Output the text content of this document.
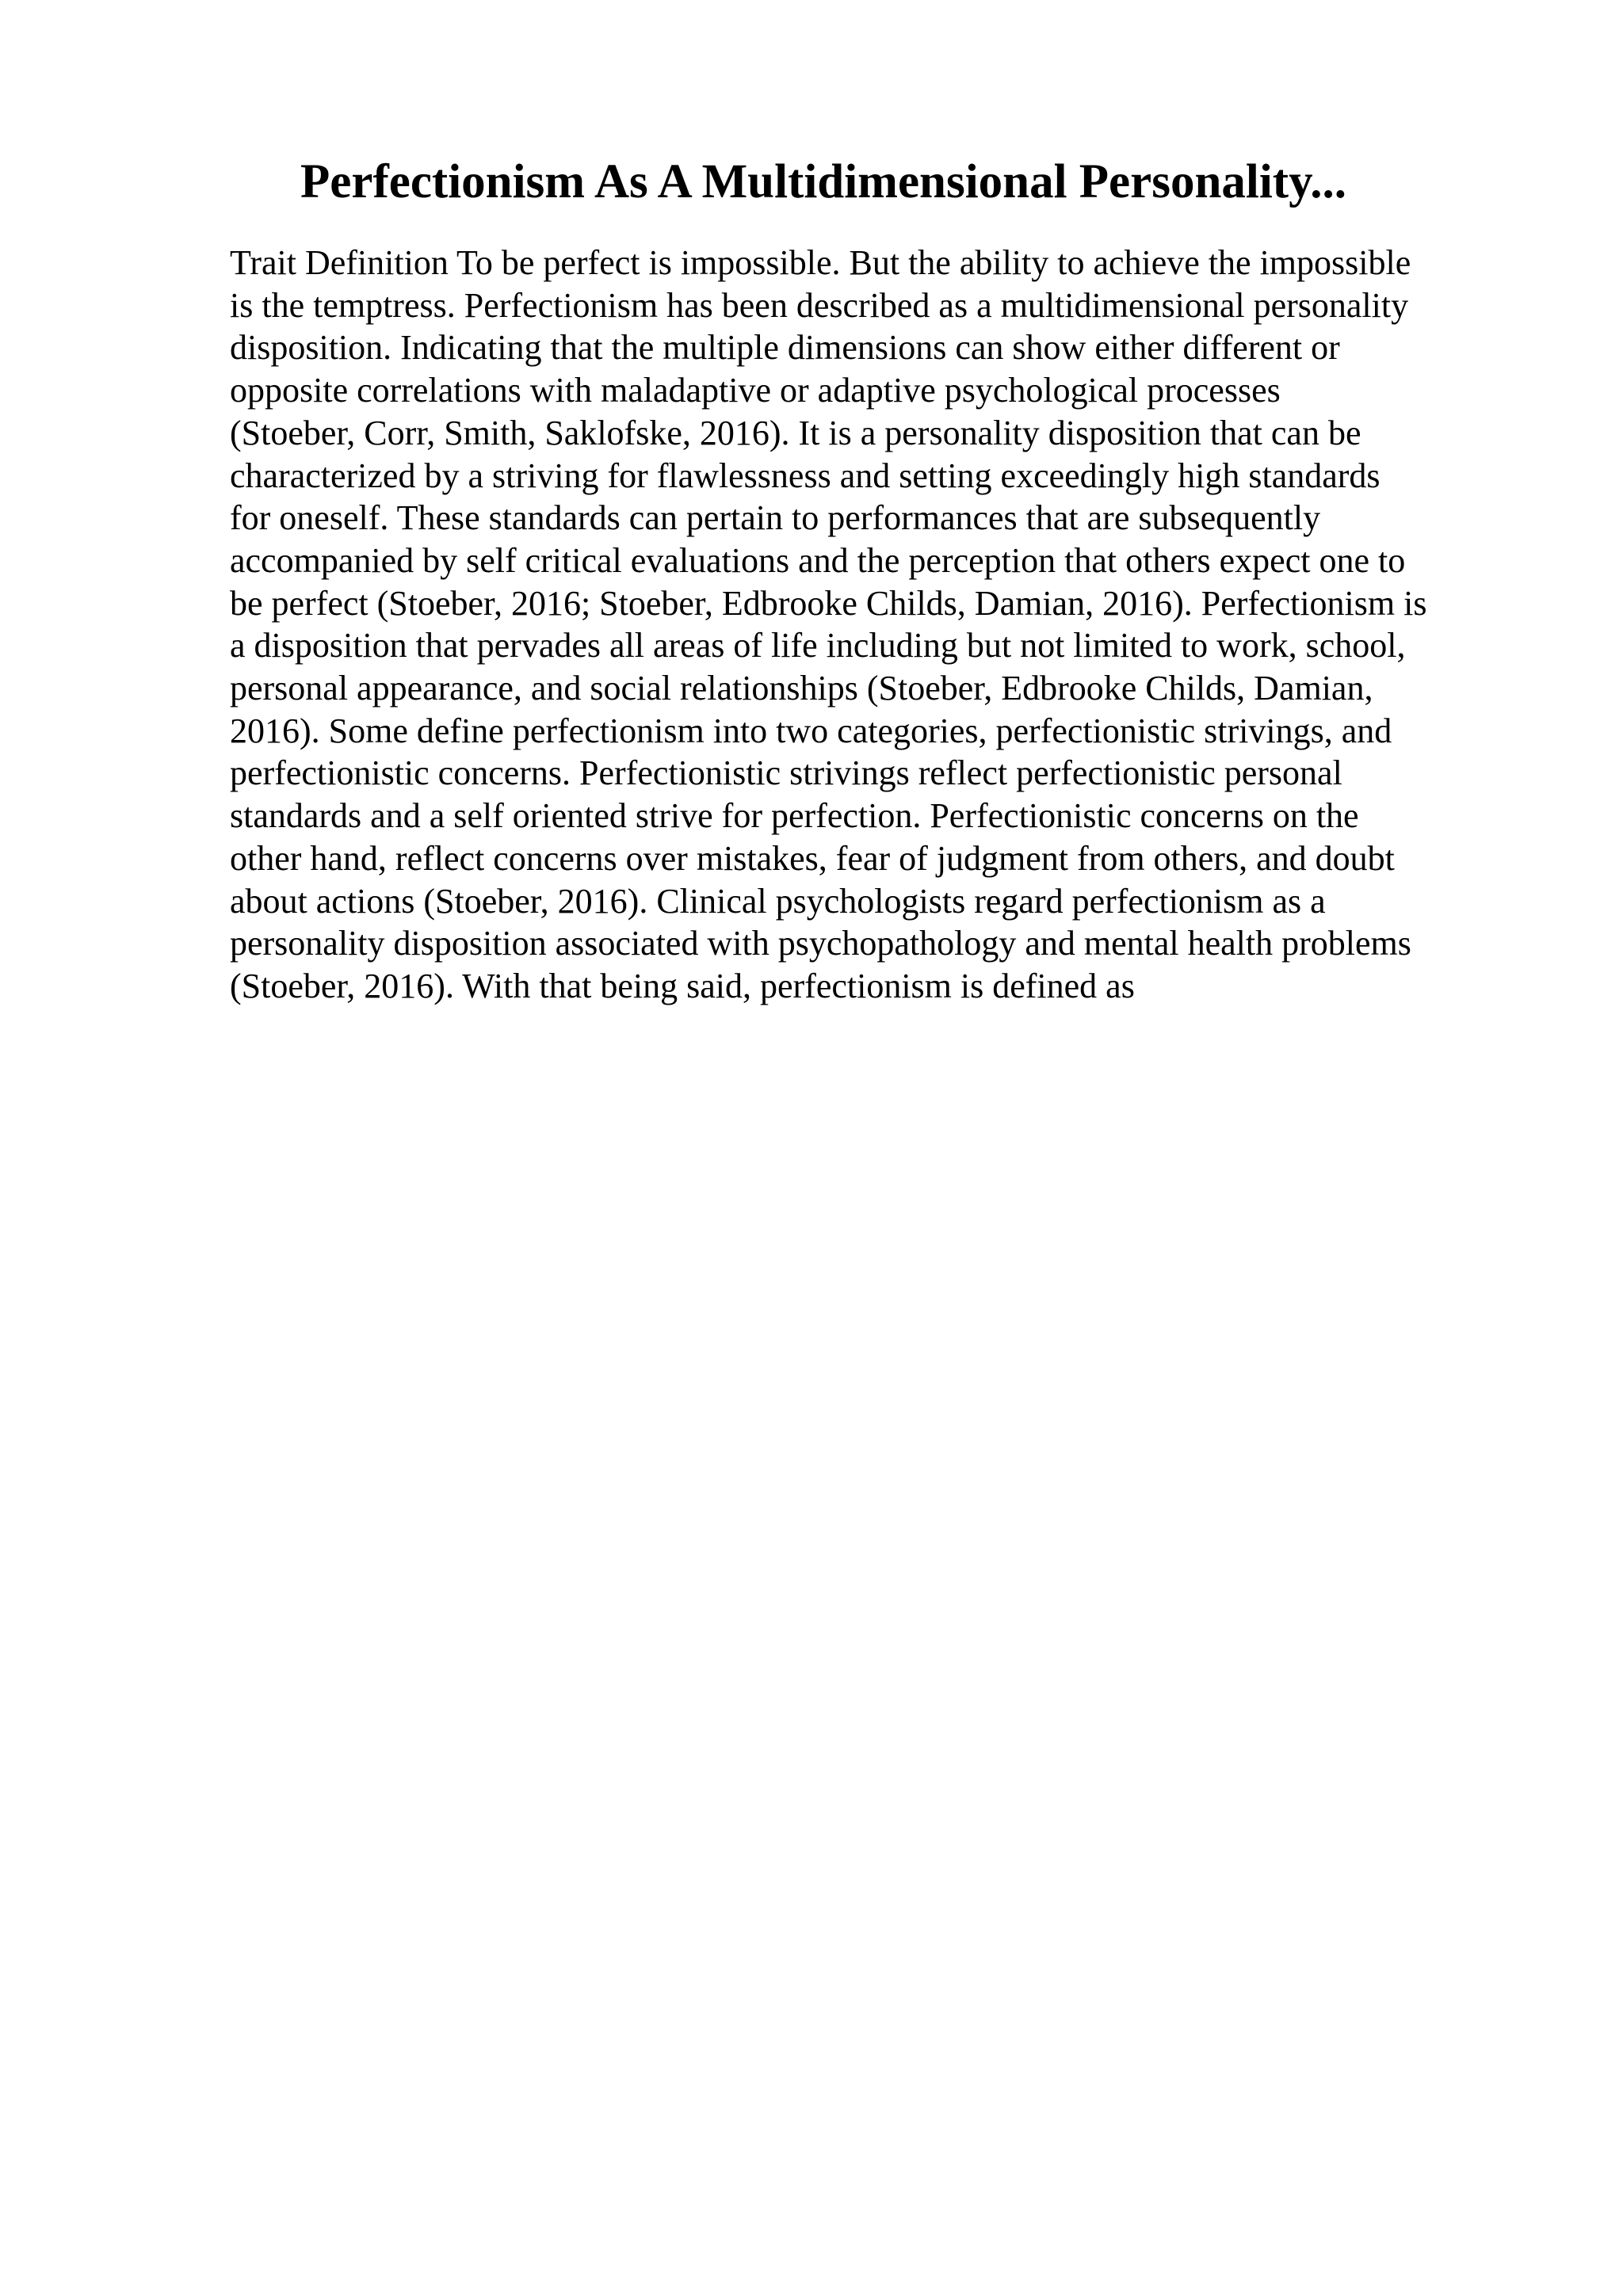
Perfectionism As A Multidimensional Personality...
Trait Definition To be perfect is impossible. But the ability to achieve the impossible
is the temptress. Perfectionism has been described as a multidimensional personality
disposition. Indicating that the multiple dimensions can show either different or
opposite correlations with maladaptive or adaptive psychological processes
(Stoeber, Corr, Smith, Saklofske, 2016). It is a personality disposition that can be
characterized by a striving for flawlessness and setting exceedingly high standards
for oneself. These standards can pertain to performances that are subsequently
accompanied by self critical evaluations and the perception that others expect one to
be perfect (Stoeber, 2016; Stoeber, Edbrooke Childs, Damian, 2016). Perfectionism is
a disposition that pervades all areas of life including but not limited to work, school,
personal appearance, and social relationships (Stoeber, Edbrooke Childs, Damian,
2016). Some define perfectionism into two categories, perfectionistic strivings, and
perfectionistic concerns. Perfectionistic strivings reflect perfectionistic personal
standards and a self oriented strive for perfection. Perfectionistic concerns on the
other hand, reflect concerns over mistakes, fear of judgment from others, and doubt
about actions (Stoeber, 2016). Clinical psychologists regard perfectionism as a
personality disposition associated with psychopathology and mental health problems
(Stoeber, 2016). With that being said, perfectionism is defined as
